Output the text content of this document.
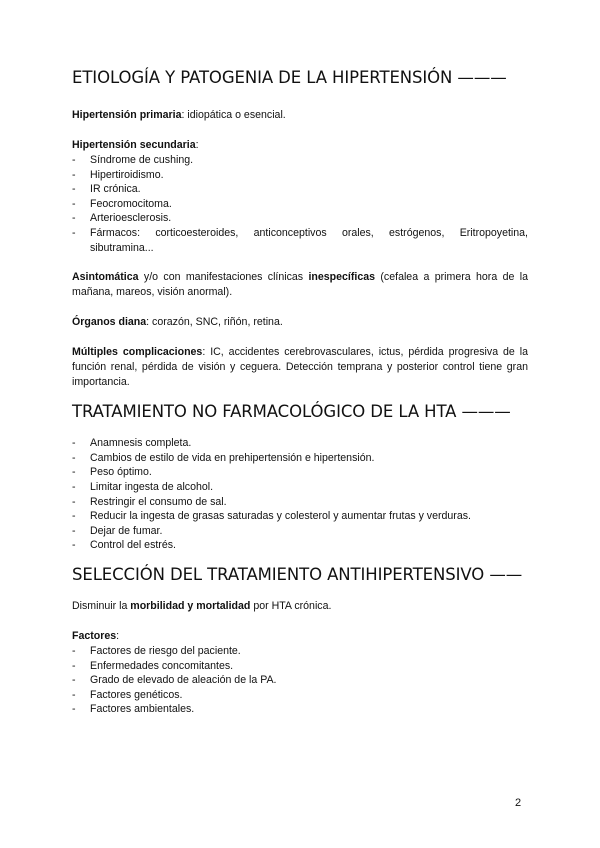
ETIOLOGÍA Y PATOGENIA DE LA HIPERTENSIÓN ———

Hipertensión primaria: idiopática o esencial.

Hipertensión secundaria:

- Síndrome de cushing.
- Hipertiroidismo.
- IR crónica.
- Feocromocitoma.
- Arterioesclerosis.
- Fármacos: corticoesteroides, anticonceptivos orales, estrógenos, Eritropoyetina, sibutramina...

Asintomática y/o con manifestaciones clínicas inespecíficas (cefalea a primera hora de la mañana, mareos, visión anormal).

Órganos diana: corazón, SNC, riñón, retina.

Múltiples complicaciones: IC, accidentes cerebrovasculares, ictus, pérdida progresiva de la función renal, pérdida de visión y ceguera. Detección temprana y posterior control tiene gran importancia.

TRATAMIENTO NO FARMACOLÓGICO DE LA HTA ———
- Anamnesis completa.
- Cambios de estilo de vida en prehipertensión e hipertensión.
- Peso óptimo.
- Limitar ingesta de alcohol.
- Restringir el consumo de sal.
- Reducir la ingesta de grasas saturadas y colesterol y aumentar frutas y verduras.
- Dejar de fumar.
- Control del estrés.
SELECCIÓN DEL TRATAMIENTO ANTIHIPERTENSIVO ——

Disminuir la morbilidad y mortalidad por HTA crónica.

Factores:

- Factores de riesgo del paciente.
- Enfermedades concomitantes.
- Grado de elevado de aleación de la PA.
- Factores genéticos.
- Factores ambientales.
2
